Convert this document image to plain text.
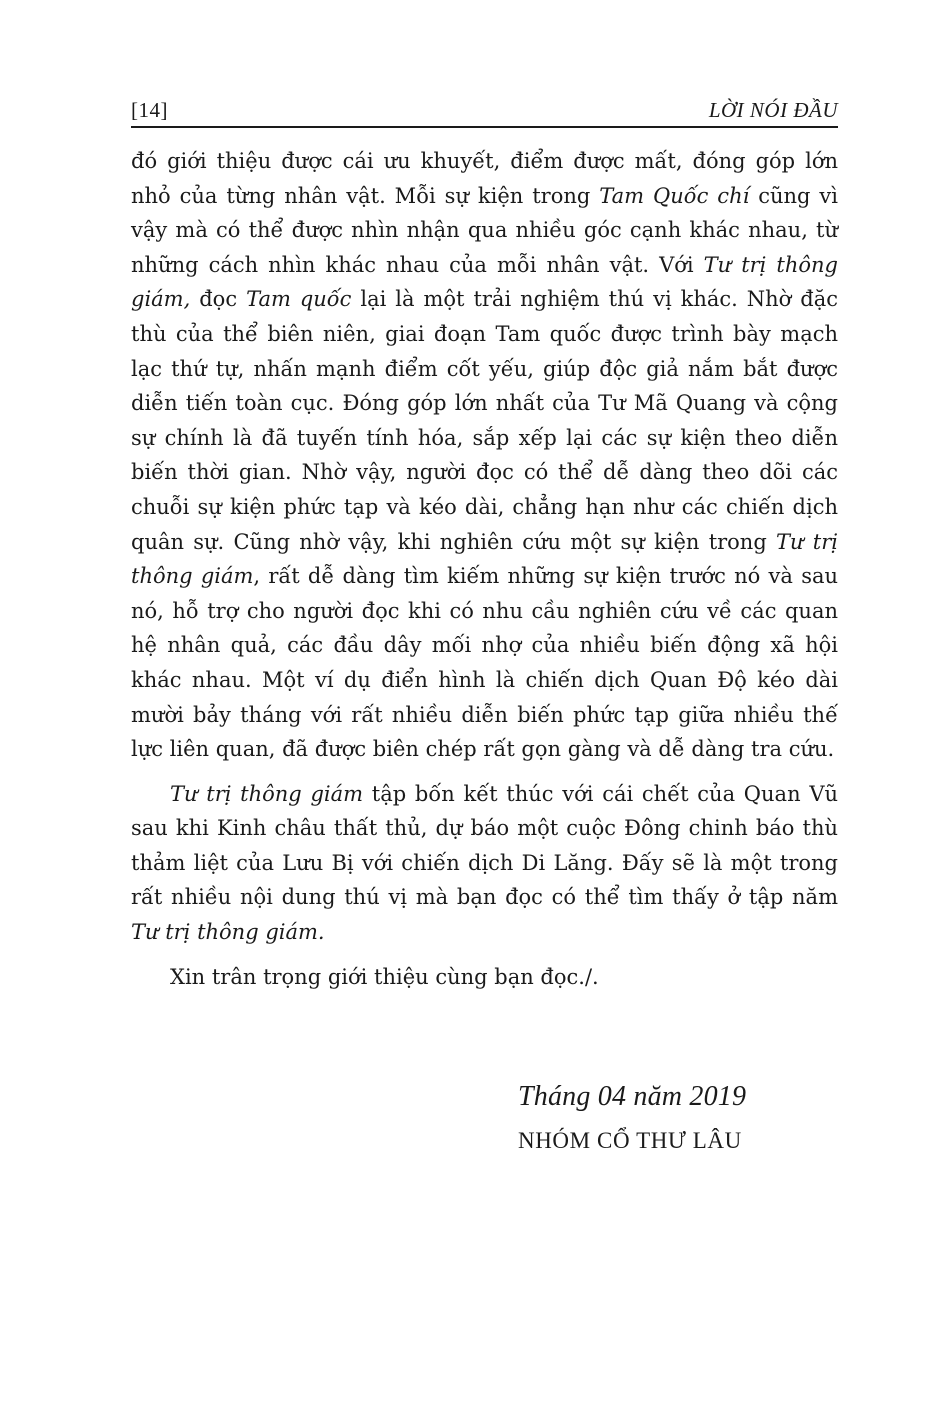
[14]	LỜI NÓI ĐẦU

đó giới thiệu được cái ưu khuyết, điểm được mất, đóng góp lớn nhỏ của từng nhân vật. Mỗi sự kiện trong Tam Quốc chí cũng vì vậy mà có thể được nhìn nhận qua nhiều góc cạnh khác nhau, từ những cách nhìn khác nhau của mỗi nhân vật. Với Tư trị thông giám, đọc Tam quốc lại là một trải nghiệm thú vị khác. Nhờ đặc thù của thể biên niên, giai đoạn Tam quốc được trình bày mạch lạc thứ tự, nhấn mạnh điểm cốt yếu, giúp độc giả nắm bắt được diễn tiến toàn cục. Đóng góp lớn nhất của Tư Mã Quang và cộng sự chính là đã tuyến tính hóa, sắp xếp lại các sự kiện theo diễn biến thời gian. Nhờ vậy, người đọc có thể dễ dàng theo dõi các chuỗi sự kiện phức tạp và kéo dài, chẳng hạn như các chiến dịch quân sự. Cũng nhờ vậy, khi nghiên cứu một sự kiện trong Tư trị thông giám, rất dễ dàng tìm kiếm những sự kiện trước nó và sau nó, hỗ trợ cho người đọc khi có nhu cầu nghiên cứu về các quan hệ nhân quả, các đầu dây mối nhợ của nhiều biến động xã hội khác nhau. Một ví dụ điển hình là chiến dịch Quan Độ kéo dài mười bảy tháng với rất nhiều diễn biến phức tạp giữa nhiều thế lực liên quan, đã được biên chép rất gọn gàng và dễ dàng tra cứu.

Tư trị thông giám tập bốn kết thúc với cái chết của Quan Vũ sau khi Kinh châu thất thủ, dự báo một cuộc Đông chinh báo thù thảm liệt của Lưu Bị với chiến dịch Di Lăng. Đấy sẽ là một trong rất nhiều nội dung thú vị mà bạn đọc có thể tìm thấy ở tập năm Tư trị thông giám.

Xin trân trọng giới thiệu cùng bạn đọc./.

Tháng 04 năm 2019
NHÓM CỔ THƯ LÂU
